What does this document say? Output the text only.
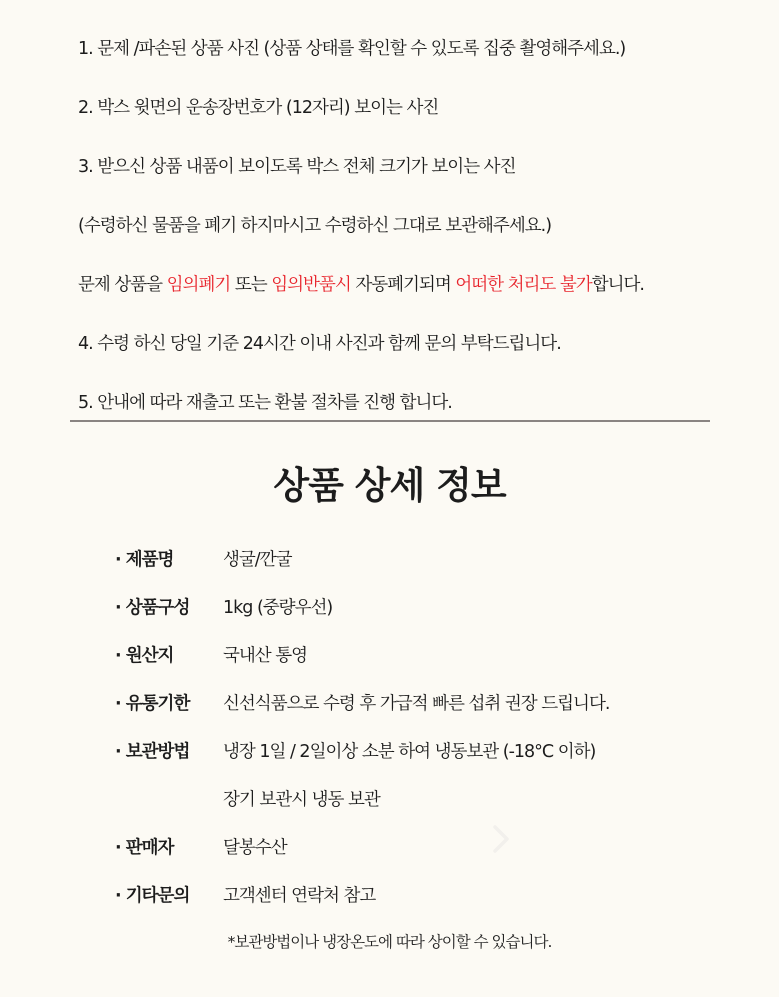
1. 문제 /파손된 상품 사진 (상품 상태를 확인할 수 있도록 집중 촬영해주세요.)
2. 박스 윗면의 운송장번호가 (12자리) 보이는 사진
3. 받으신 상품 내품이 보이도록 박스 전체 크기가 보이는 사진
(수령하신 물품을 폐기 하지마시고 수령하신 그대로 보관해주세요.)
문제 상품을 임의폐기 또는 임의반품시 자동폐기되며 어떠한 처리도 불가합니다.
4. 수령 하신 당일 기준 24시간 이내 사진과 함께 문의 부탁드립니다.
5. 안내에 따라 재출고 또는 환불 절차를 진행 합니다.
상품 상세 정보
· 제품명	생굴/깐굴
· 상품구성	1kg (중량우선)
· 원산지	국내산 통영
· 유통기한	신선식품으로 수령 후 가급적 빠른 섭취 권장 드립니다.
· 보관방법	냉장 1일 / 2일이상 소분 하여 냉동보관 (-18°C 이하)
장기 보관시 냉동 보관
· 판매자	달봉수산
· 기타문의	고객센터 연락처 참고
*보관방법이나 냉장온도에 따라 상이할 수 있습니다.
